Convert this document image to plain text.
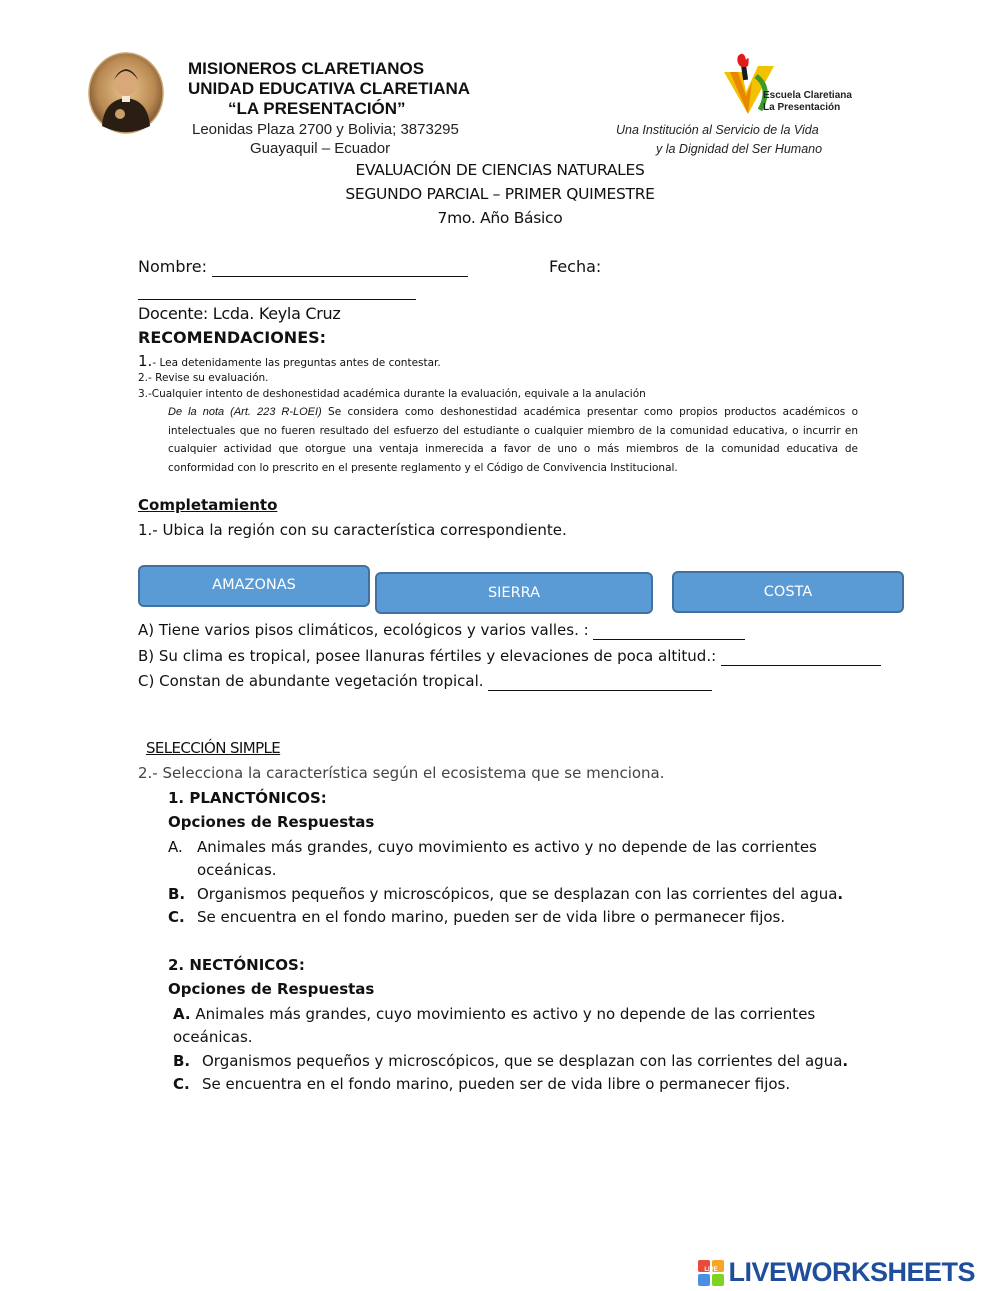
MISIONEROS CLARETIANOS
UNIDAD EDUCATIVA CLARETIANA
“LA PRESENTACIÓN”
Leonidas Plaza 2700 y Bolivia; 3873295
Guayaquil – Ecuador
Escuela Claretiana
La Presentación
Una Institución al Servicio de la Vida
y la Dignidad del Ser Humano
EVALUACIÓN DE CIENCIAS NATURALES
SEGUNDO PARCIAL – PRIMER QUIMESTRE
7mo. Año Básico
Nombre:	Fecha:
Docente: Lcda. Keyla Cruz
RECOMENDACIONES:
1.- Lea detenidamente las preguntas antes de contestar.
2.- Revise su evaluación.
3.-Cualquier intento de deshonestidad académica durante la evaluación, equivale a la anulación
De la nota (Art. 223 R-LOEI) Se considera como deshonestidad académica presentar como propios productos académicos o intelectuales que no fueren resultado del esfuerzo del estudiante o cualquier miembro de la comunidad educativa, o incurrir en cualquier actividad que otorgue una ventaja inmerecida a favor de uno o más miembros de la comunidad educativa de conformidad con lo prescrito en el presente reglamento y el Código de Convivencia Institucional.
Completamiento
1.- Ubica la región con su característica correspondiente.
AMAZONAS	SIERRA	COSTA
A) Tiene varios pisos climáticos, ecológicos y varios valles. :
B) Su clima es tropical, posee llanuras fértiles y elevaciones de poca altitud.:
C) Constan de abundante vegetación tropical.
SELECCIÓN SIMPLE
2.- Selecciona la característica según el ecosistema que se menciona.
1. PLANCTÓNICOS:
Opciones de Respuestas
A. Animales más grandes, cuyo movimiento es activo y no depende de las corrientes
oceánicas.
B. Organismos pequeños y microscópicos, que se desplazan con las corrientes del agua.
C. Se encuentra en el fondo marino, pueden ser de vida libre o permanecer fijos.
2. NECTÓNICOS:
Opciones de Respuestas
A. Animales más grandes, cuyo movimiento es activo y no depende de las corrientes
oceánicas.
B. Organismos pequeños y microscópicos, que se desplazan con las corrientes del agua.
C. Se encuentra en el fondo marino, pueden ser de vida libre o permanecer fijos.

LIVE LIVEWORKSHEETS
